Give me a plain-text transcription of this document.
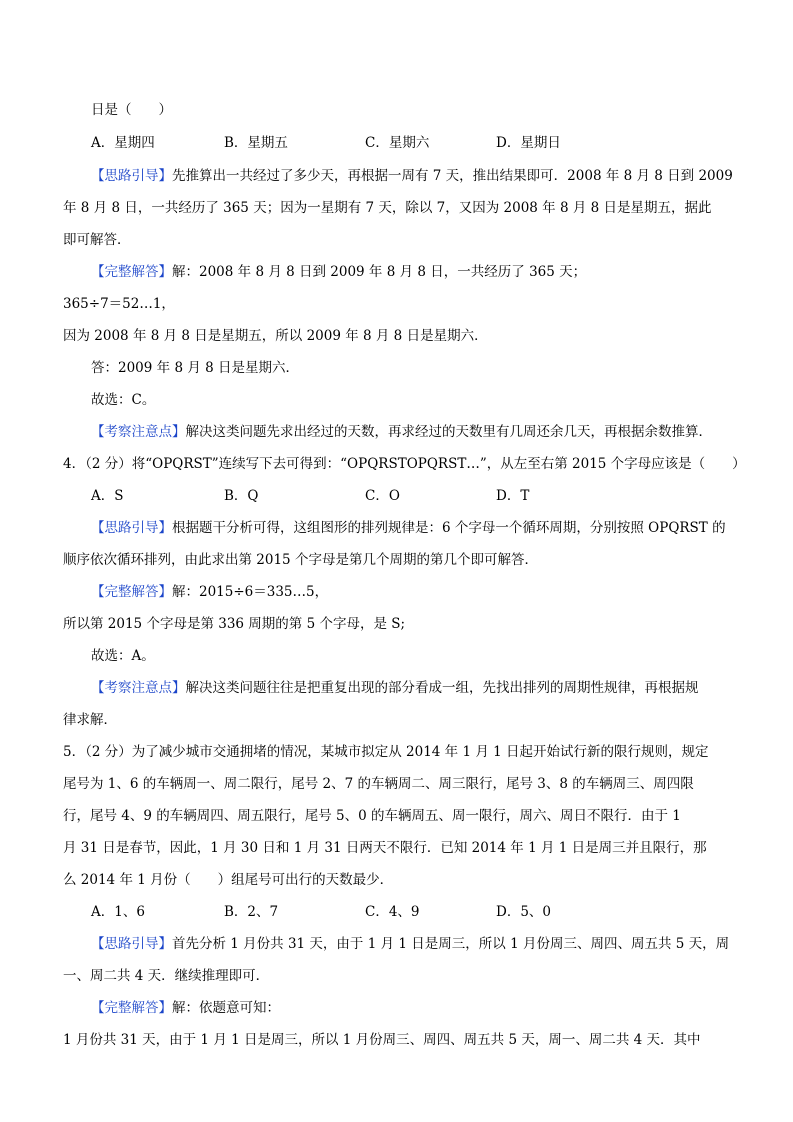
日是（　　）
A．星期四	B．星期五	C．星期六	D．星期日
【思路引导】先推算出一共经过了多少天，再根据一周有 7 天，推出结果即可．2008 年 8 月 8 日到 2009
年 8 月 8 日，一共经历了 365 天；因为一星期有 7 天，除以 7，又因为 2008 年 8 月 8 日是星期五，据此
即可解答．
【完整解答】解：2008 年 8 月 8 日到 2009 年 8 月 8 日，一共经历了 365 天；
365÷7＝52…1，
因为 2008 年 8 月 8 日是星期五，所以 2009 年 8 月 8 日是星期六．
答：2009 年 8 月 8 日是星期六．
故选：C。
【考察注意点】解决这类问题先求出经过的天数，再求经过的天数里有几周还余几天，再根据余数推算．
4．（2 分）将“OPQRST”连续写下去可得到：“OPQRSTOPQRST…”，从左至右第 2015 个字母应该是（　　）
A．S	B．Q	C．O	D．T
【思路引导】根据题干分析可得，这组图形的排列规律是：6 个字母一个循环周期，分别按照 OPQRST 的
顺序依次循环排列，由此求出第 2015 个字母是第几个周期的第几个即可解答．
【完整解答】解：2015÷6＝335…5，
所以第 2015 个字母是第 336 周期的第 5 个字母，是 S;
故选：A。
【考察注意点】解决这类问题往往是把重复出现的部分看成一组，先找出排列的周期性规律，再根据规
律求解．
5．（2 分）为了减少城市交通拥堵的情况，某城市拟定从 2014 年 1 月 1 日起开始试行新的限行规则，规定
尾号为 1、6 的车辆周一、周二限行，尾号 2、7 的车辆周二、周三限行，尾号 3、8 的车辆周三、周四限
行，尾号 4、9 的车辆周四、周五限行，尾号 5、0 的车辆周五、周一限行，周六、周日不限行．由于 1
月 31 日是春节，因此，1 月 30 日和 1 月 31 日两天不限行．已知 2014 年 1 月 1 日是周三并且限行，那
么 2014 年 1 月份（　　）组尾号可出行的天数最少．
A．1、6	B．2、7	C．4、9	D．5、0
【思路引导】首先分析 1 月份共 31 天，由于 1 月 1 日是周三，所以 1 月份周三、周四、周五共 5 天，周
一、周二共 4 天．继续推理即可．
【完整解答】解：依题意可知：
1 月份共 31 天，由于 1 月 1 日是周三，所以 1 月份周三、周四、周五共 5 天，周一、周二共 4 天．其中
